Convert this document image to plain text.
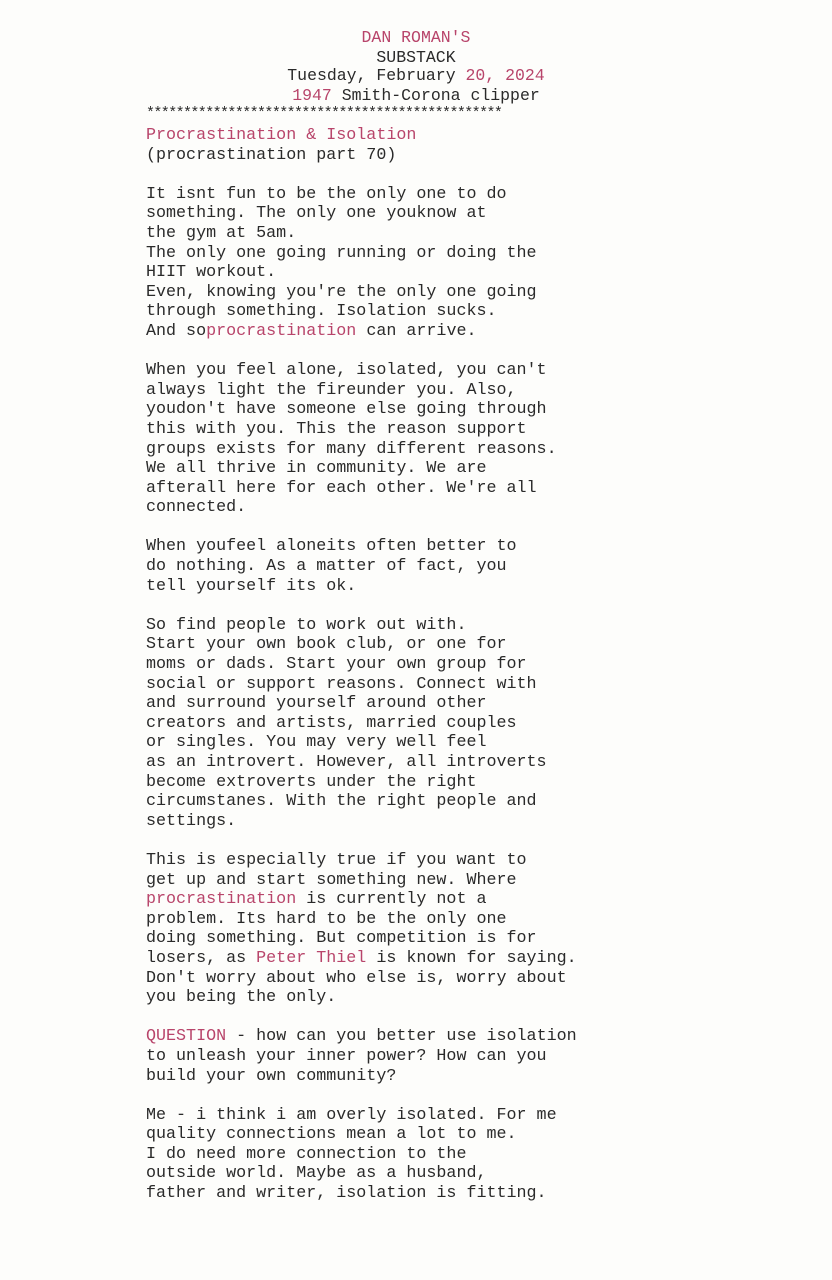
DAN ROMAN'S
SUBSTACK
Tuesday, February 20, 2024
1947 Smith-Corona clipper
************************************************
Procrastination & Isolation
(procrastination part 70)
It isnt fun to be the only one to do
something. The only one youknow at
the gym at 5am.
The only one going running or doing the
HIIT workout.
Even, knowing you're the only one going
through something. Isolation sucks.
And soprocrastination can arrive.
When you feel alone, isolated, you can't
always light the fireunder you. Also,
youdon't have someone else going through
this with you. This the reason support
groups exists for many different reasons.
We all thrive in community. We are
afterall here for each other. We're all
connected.
When youfeel aloneits often better to
do nothing. As a matter of fact, you
tell yourself its ok.
So find people to work out with.
Start your own book club, or one for
moms or dads. Start your own group for
social or support reasons. Connect with
and surround yourself around other
creators and artists, married couples
or singles. You may very well feel
as an introvert. However, all introverts
become extroverts under the right
circumstanes. With the right people and
settings.
This is especially true if you want to
get up and start something new. Where
procrastination is currently not a
problem. Its hard to be the only one
doing something. But competition is for
losers, as Peter Thiel is known for saying.
Don't worry about who else is, worry about
you being the only.
QUESTION - how can you better use isolation
to unleash your inner power? How can you
build your own community?
Me - i think i am overly isolated. For me
quality connections mean a lot to me.
I do need more connection to the
outside world. Maybe as a husband,
father and writer, isolation is fitting.
